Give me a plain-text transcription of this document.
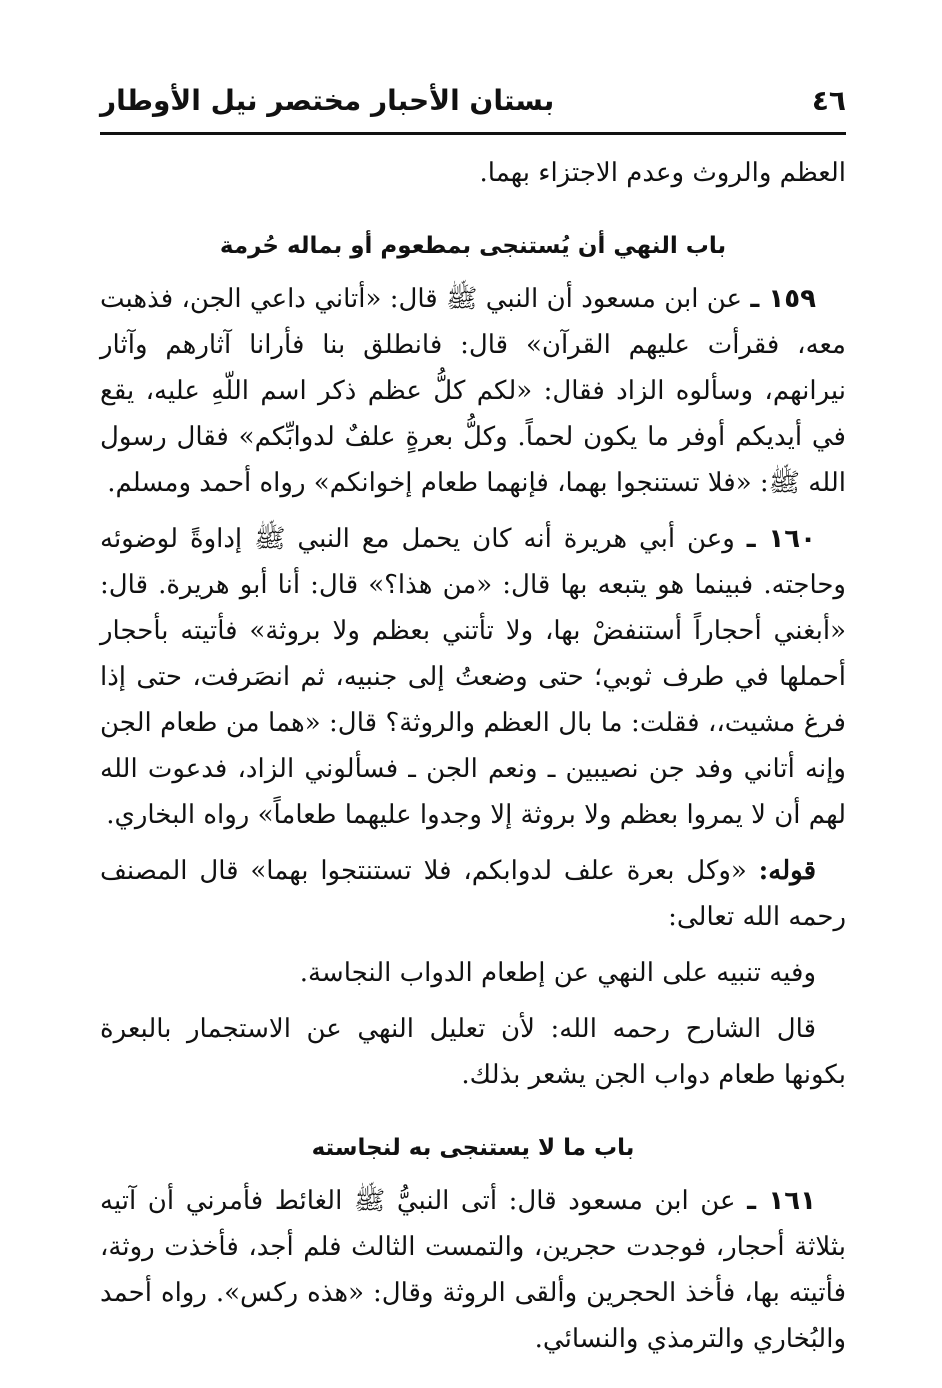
٤٦
بستان الأحبار مختصر نيل الأوطار

العظم والروث وعدم الاجتزاء بهما.

باب النهي أن يُستنجى بمطعوم أو بماله حُرمة

١٥٩ ـ عن ابن مسعود أن النبي ﷺ قال: «أتاني داعي الجن، فذهبت معه، فقرأت عليهم القرآن» قال: فانطلق بنا فأرانا آثارهم وآثار نيرانهم، وسألوه الزاد فقال: «لكم كلُّ عظم ذكر اسم اللّهِ عليه، يقع في أيديكم أوفر ما يكون لحماً. وكلُّ بعرةٍ علفٌ لدوابِّكم» فقال رسول الله ﷺ: «فلا تستنجوا بهما، فإنهما طعام إخوانكم» رواه أحمد ومسلم.

١٦٠ ـ وعن أبي هريرة أنه كان يحمل مع النبي ﷺ إداوةً لوضوئه وحاجته. فبينما هو يتبعه بها قال: «من هذا؟» قال: أنا أبو هريرة. قال: «أبغني أحجاراً أستنفضْ بها، ولا تأتني بعظم ولا بروثة» فأتيته بأحجار أحملها في طرف ثوبي؛ حتى وضعتُ إلى جنبيه، ثم انصَرفت، حتى إذا فرغ مشيت،، فقلت: ما بال العظم والروثة؟ قال: «هما من طعام الجن وإنه أتاني وفد جن نصيبين ـ ونعم الجن ـ فسألوني الزاد، فدعوت الله لهم أن لا يمروا بعظم ولا بروثة إلا وجدوا عليهما طعاماً» رواه البخاري.

قوله: «وكل بعرة علف لدوابكم، فلا تستنتجوا بهما» قال المصنف رحمه الله تعالى:

وفيه تنبيه على النهي عن إطعام الدواب النجاسة.

قال الشارح رحمه الله: لأن تعليل النهي عن الاستجمار بالبعرة بكونها طعام دواب الجن يشعر بذلك.

باب ما لا يستنجى به لنجاسته

١٦١ ـ عن ابن مسعود قال: أتى النبيُّ ﷺ الغائط فأمرني أن آتيه بثلاثة أحجار، فوجدت حجرين، والتمست الثالث فلم أجد، فأخذت روثة، فأتيته بها، فأخذ الحجرين وألقى الروثة وقال: «هذه ركس». رواه أحمد والبُخاري والترمذي والنسائي.
